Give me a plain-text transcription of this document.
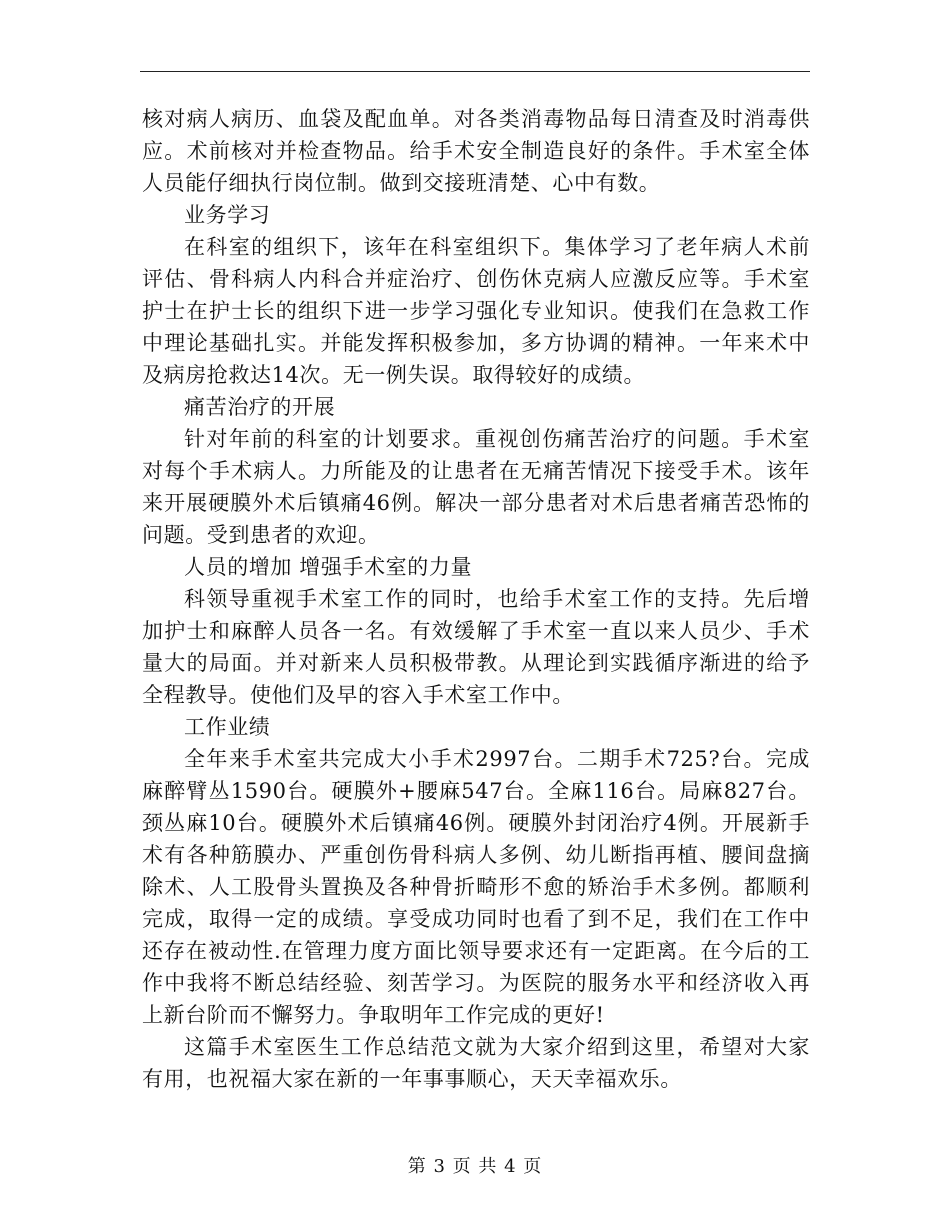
核对病人病历、血袋及配血单。对各类消毒物品每日清查及时消毒供应。术前核对并检查物品。给手术安全制造良好的条件。手术室全体人员能仔细执行岗位制。做到交接班清楚、心中有数。

业务学习

在科室的组织下，该年在科室组织下。集体学习了老年病人术前评估、骨科病人内科合并症治疗、创伤休克病人应激反应等。手术室护士在护士长的组织下进一步学习强化专业知识。使我们在急救工作中理论基础扎实。并能发挥积极参加，多方协调的精神。一年来术中及病房抢救达14次。无一例失误。取得较好的成绩。

痛苦治疗的开展

针对年前的科室的计划要求。重视创伤痛苦治疗的问题。手术室对每个手术病人。力所能及的让患者在无痛苦情况下接受手术。该年来开展硬膜外术后镇痛46例。解决一部分患者对术后患者痛苦恐怖的问题。受到患者的欢迎。

人员的增加 增强手术室的力量

科领导重视手术室工作的同时，也给手术室工作的支持。先后增加护士和麻醉人员各一名。有效缓解了手术室一直以来人员少、手术量大的局面。并对新来人员积极带教。从理论到实践循序渐进的给予全程教导。使他们及早的容入手术室工作中。

工作业绩

全年来手术室共完成大小手术2997台。二期手术725?台。完成麻醉臂丛1590台。硬膜外+腰麻547台。全麻116台。局麻827台。颈丛麻10台。硬膜外术后镇痛46例。硬膜外封闭治疗4例。开展新手术有各种筋膜办、严重创伤骨科病人多例、幼儿断指再植、腰间盘摘除术、人工股骨头置换及各种骨折畸形不愈的矫治手术多例。都顺利完成，取得一定的成绩。享受成功同时也看了到不足，我们在工作中还存在被动性.在管理力度方面比领导要求还有一定距离。在今后的工作中我将不断总结经验、刻苦学习。为医院的服务水平和经济收入再上新台阶而不懈努力。争取明年工作完成的更好!

这篇手术室医生工作总结范文就为大家介绍到这里，希望对大家有用，也祝福大家在新的一年事事顺心，天天幸福欢乐。

第 3 页 共 4 页
